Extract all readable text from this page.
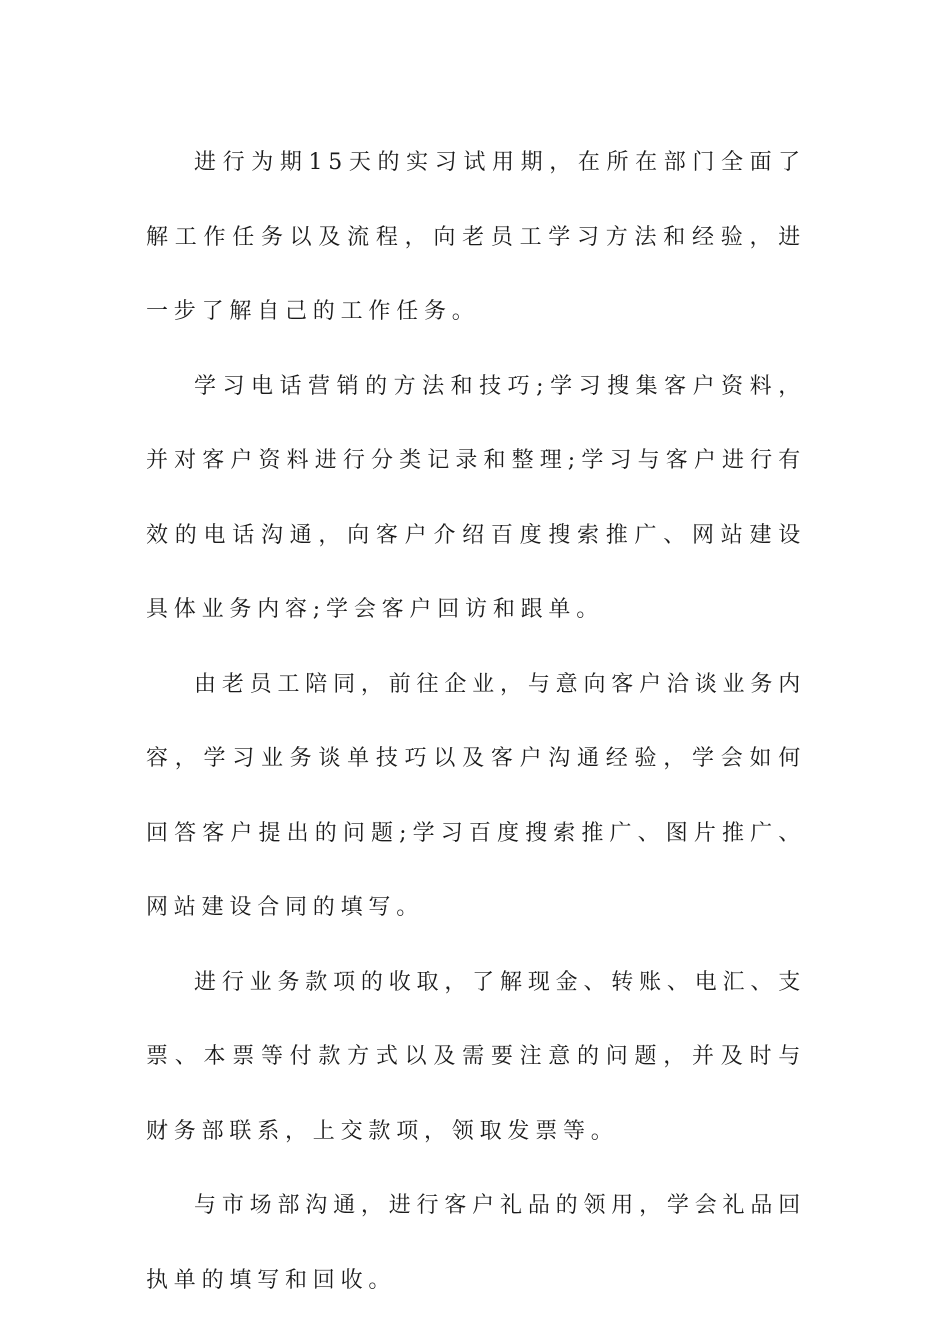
进行为期15天的实习试用期，在所在部门全面了解工作任务以及流程，向老员工学习方法和经验，进一步了解自己的工作任务。

学习电话营销的方法和技巧;学习搜集客户资料，并对客户资料进行分类记录和整理;学习与客户进行有效的电话沟通，向客户介绍百度搜索推广、网站建设具体业务内容;学会客户回访和跟单。

由老员工陪同，前往企业，与意向客户洽谈业务内容，学习业务谈单技巧以及客户沟通经验，学会如何回答客户提出的问题;学习百度搜索推广、图片推广、网站建设合同的填写。

进行业务款项的收取，了解现金、转账、电汇、支票、本票等付款方式以及需要注意的问题，并及时与财务部联系，上交款项，领取发票等。

与市场部沟通，进行客户礼品的领用，学会礼品回执单的填写和回收。
